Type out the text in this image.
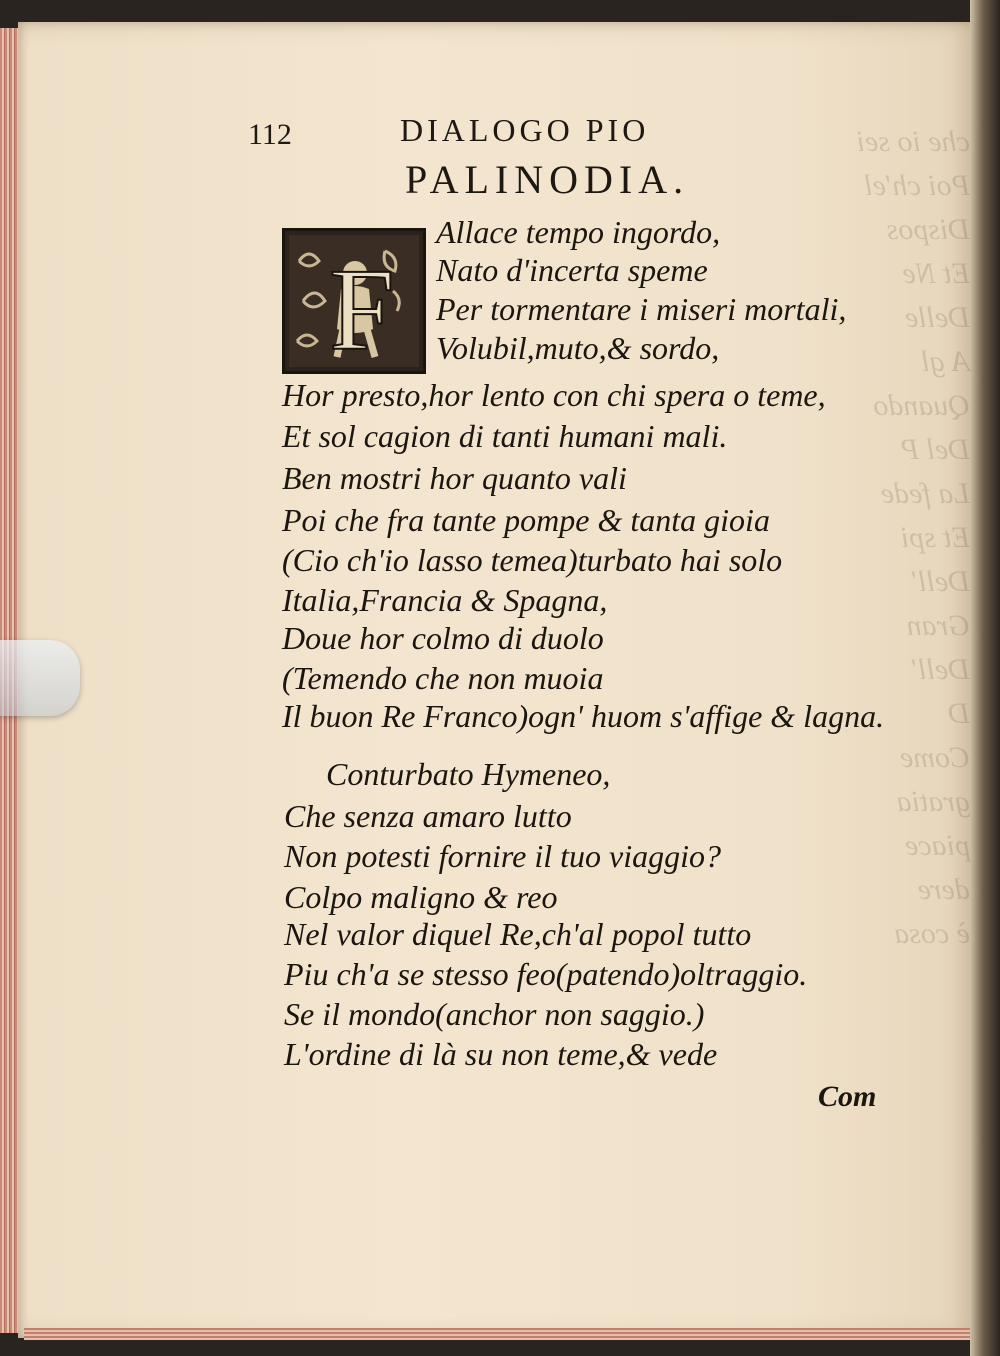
che io sei
Poi ch'el
Dispos
Et Ne
Delle
A gl
Quando
Del P
La fede
Et spi
Dell'
Gran
Dell'
D
Come
gratia
piace
dere
è cosa
112	DIALOGO PIO
PALINODIA.
F
Allace tempo ingordo,
Nato d'incerta speme
Per tormentare i miseri mortali,
Volubil,muto,& sordo,
Hor presto,hor lento con chi spera o teme,
Et sol cagion di tanti humani mali.
Ben mostri hor quanto vali
Poi che fra tante pompe & tanta gioia
(Cio ch'io lasso temea)turbato hai solo
Italia,Francia & Spagna,
Doue hor colmo di duolo
(Temendo che non muoia
Il buon Re Franco)ogn' huom s'affige & lagna.
Conturbato Hymeneo,
Che senza amaro lutto
Non potesti fornire il tuo viaggio?
Colpo maligno & reo
Nel valor diquel Re,ch'al popol tutto
Piu ch'a se stesso feo(patendo)oltraggio.
Se il mondo(anchor non saggio.)
L'ordine di là su non teme,& vede
Com
